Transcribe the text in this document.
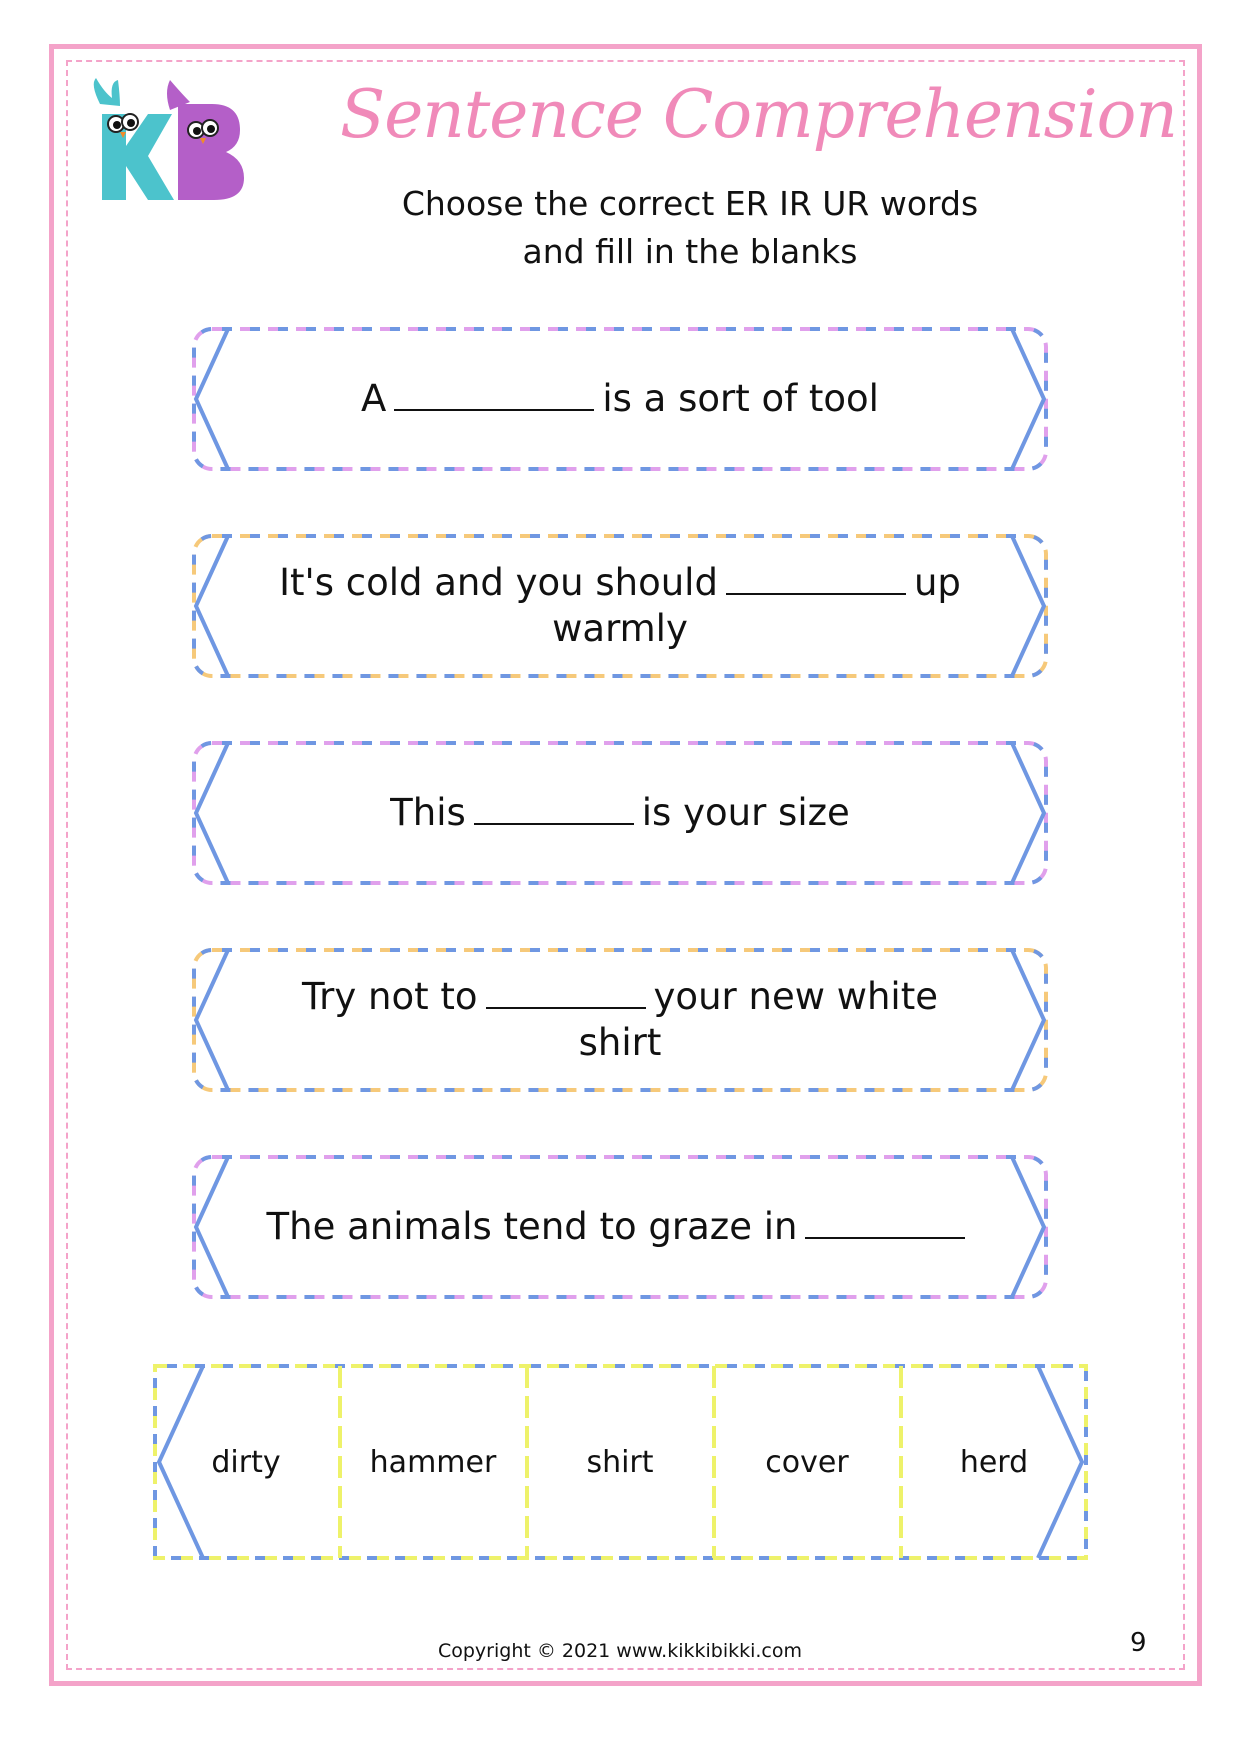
Sentence Comprehension
Choose the correct ER IR UR words
and fill in the blanks
A	is a sort of tool
It's cold and you should	up warmly
This	is your size
Try not to	your new white shirt
The animals tend to graze in
dirty	hammer	shirt	cover	herd
Copyright © 2021 www.kikkibikki.com	9
